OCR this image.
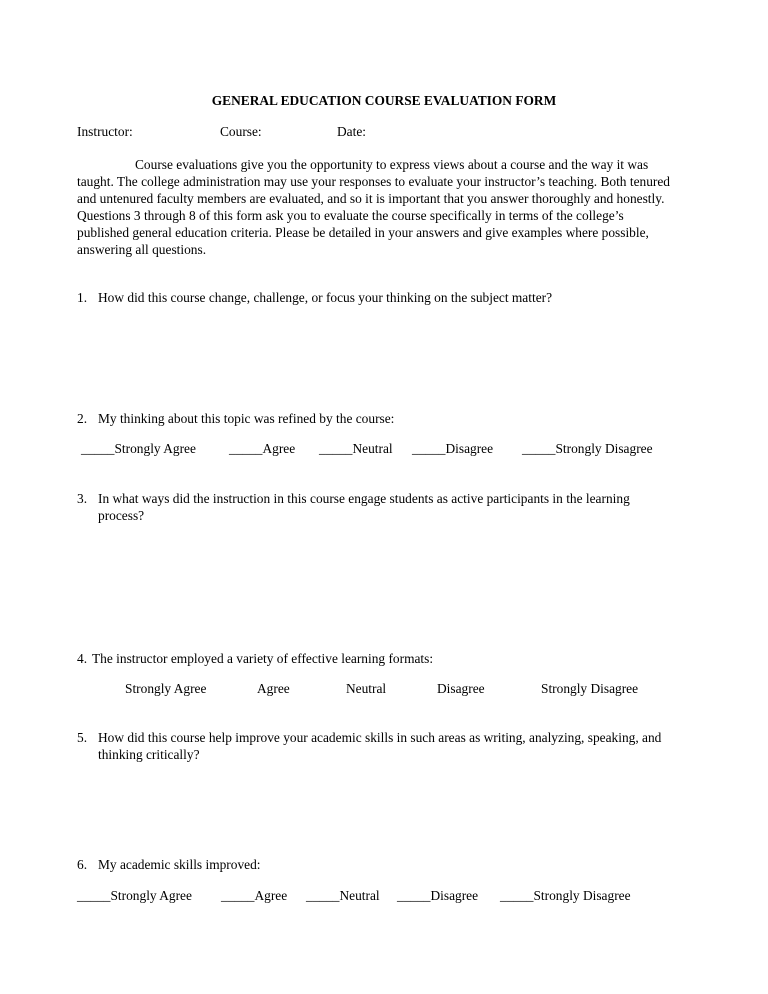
GENERAL EDUCATION COURSE EVALUATION FORM
Instructor:	Course:	Date:
Course evaluations give you the opportunity to express views about a course and the way it was taught. The college administration may use your responses to evaluate your instructor’s teaching. Both tenured and untenured faculty members are evaluated, and so it is important that you answer thoroughly and honestly. Questions 3 through 8 of this form ask you to evaluate the course specifically in terms of the college’s published general education criteria. Please be detailed in your answers and give examples where possible, answering all questions.
1. How did this course change, challenge, or focus your thinking on the subject matter?
2. My thinking about this topic was refined by the course:
_____Strongly Agree _____Agree _____Neutral _____Disagree _____Strongly Disagree
3. In what ways did the instruction in this course engage students as active participants in the learning process?
4. The instructor employed a variety of effective learning formats:
Strongly Agree	Agree	Neutral	Disagree	Strongly Disagree
5. How did this course help improve your academic skills in such areas as writing, analyzing, speaking, and thinking critically?
6. My academic skills improved:
_____Strongly Agree _____Agree _____Neutral _____Disagree _____Strongly Disagree
